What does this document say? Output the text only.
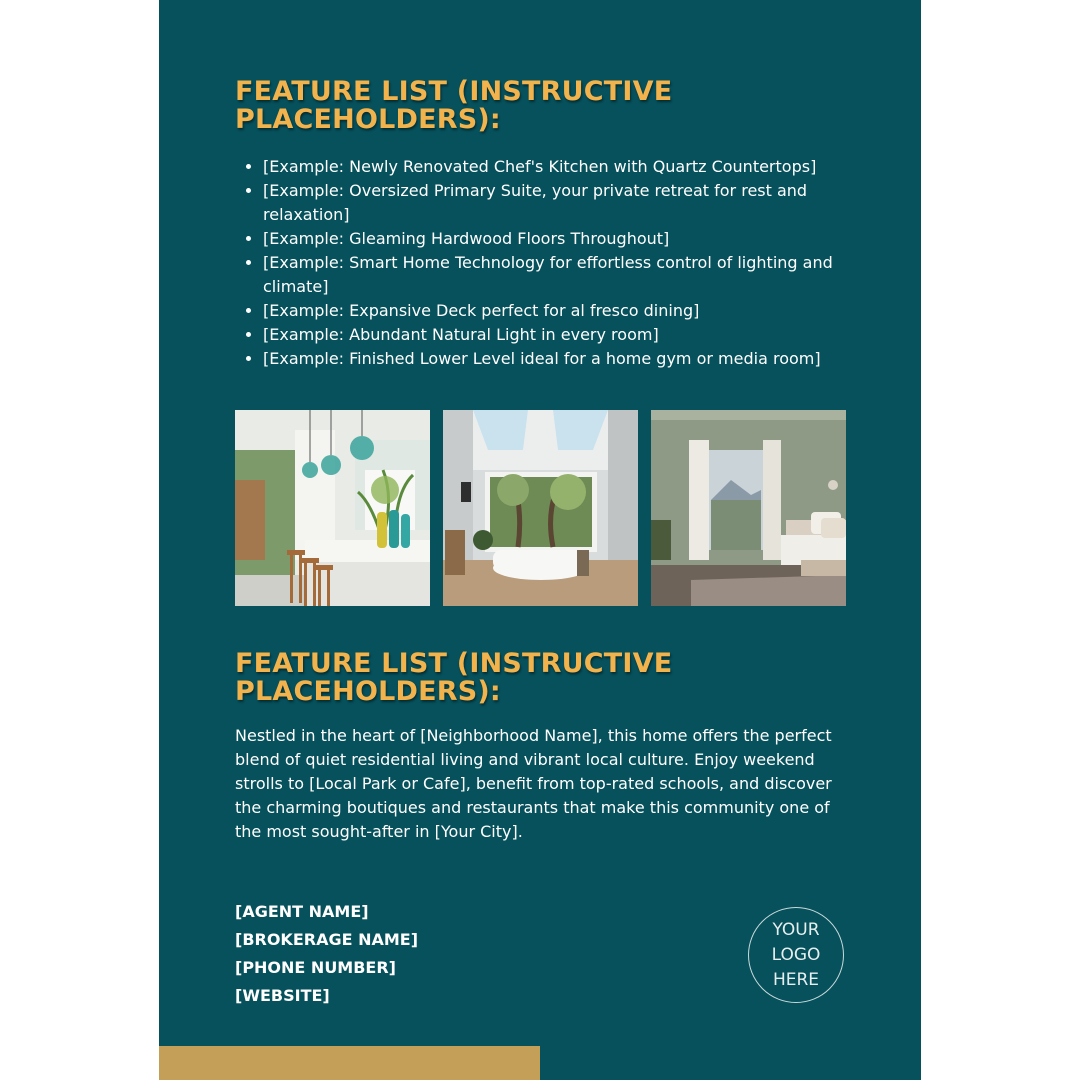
FEATURE LIST (INSTRUCTIVE PLACEHOLDERS):
• [Example: Newly Renovated Chef's Kitchen with Quartz Countertops]
• [Example: Oversized Primary Suite, your private retreat for rest and relaxation]
• [Example: Gleaming Hardwood Floors Throughout]
• [Example: Smart Home Technology for effortless control of lighting and climate]
• [Example: Expansive Deck perfect for al fresco dining]
• [Example: Abundant Natural Light in every room]
• [Example: Finished Lower Level ideal for a home gym or media room]
FEATURE LIST (INSTRUCTIVE PLACEHOLDERS):

Nestled in the heart of [Neighborhood Name], this home offers the perfect blend of quiet residential living and vibrant local culture. Enjoy weekend strolls to [Local Park or Cafe], benefit from top-rated schools, and discover the charming boutiques and restaurants that make this community one of the most sought-after in [Your City].

[AGENT NAME]
[BROKERAGE NAME]
[PHONE NUMBER]
[WEBSITE]
YOUR
LOGO
HERE
